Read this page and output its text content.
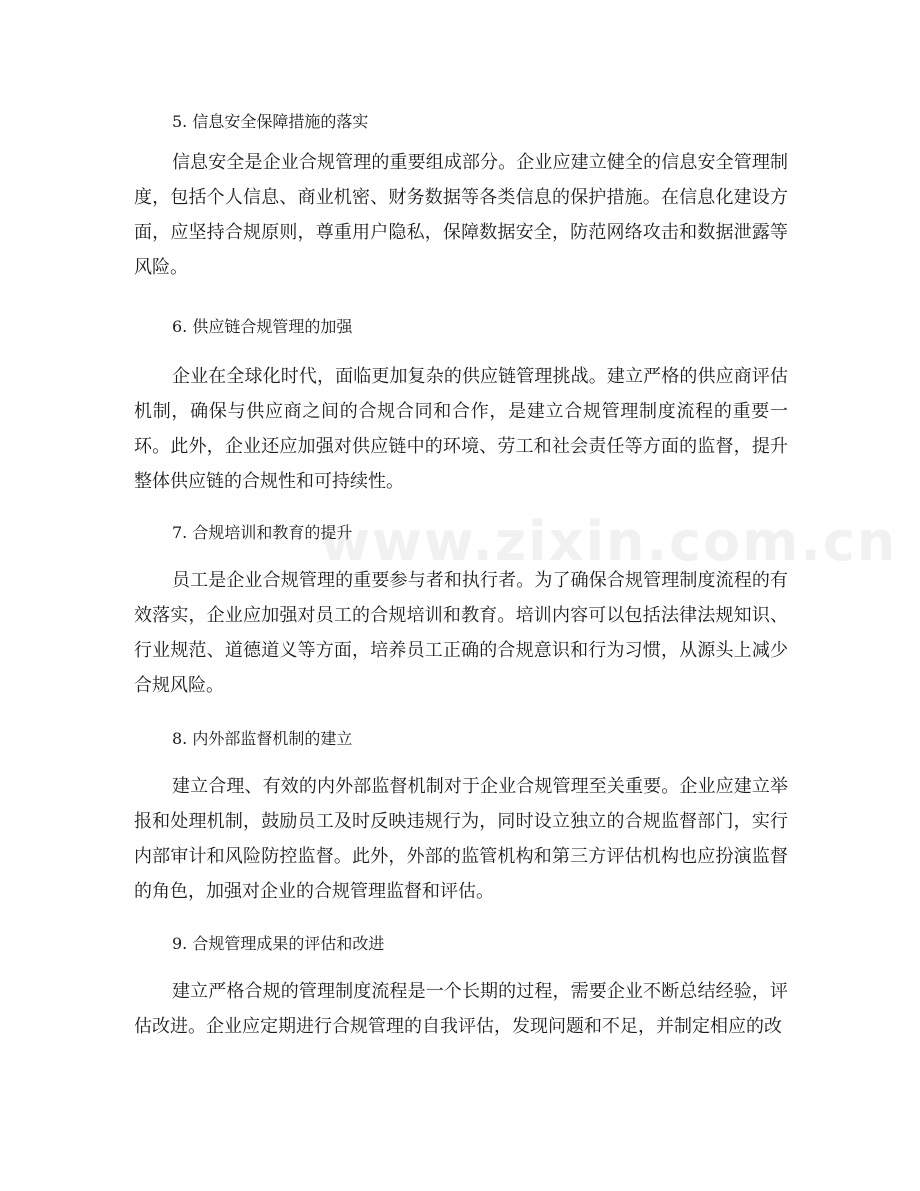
www.zixin.com.cn
5. 信息安全保障措施的落实

信息安全是企业合规管理的重要组成部分。企业应建立健全的信息安全管理制度，包括个人信息、商业机密、财务数据等各类信息的保护措施。在信息化建设方面，应坚持合规原则，尊重用户隐私，保障数据安全，防范网络攻击和数据泄露等风险。

6. 供应链合规管理的加强

企业在全球化时代，面临更加复杂的供应链管理挑战。建立严格的供应商评估机制，确保与供应商之间的合规合同和合作，是建立合规管理制度流程的重要一环。此外，企业还应加强对供应链中的环境、劳工和社会责任等方面的监督，提升整体供应链的合规性和可持续性。

7. 合规培训和教育的提升

员工是企业合规管理的重要参与者和执行者。为了确保合规管理制度流程的有效落实，企业应加强对员工的合规培训和教育。培训内容可以包括法律法规知识、行业规范、道德道义等方面，培养员工正确的合规意识和行为习惯，从源头上减少合规风险。

8. 内外部监督机制的建立

建立合理、有效的内外部监督机制对于企业合规管理至关重要。企业应建立举报和处理机制，鼓励员工及时反映违规行为，同时设立独立的合规监督部门，实行内部审计和风险防控监督。此外，外部的监管机构和第三方评估机构也应扮演监督的角色，加强对企业的合规管理监督和评估。

9. 合规管理成果的评估和改进

建立严格合规的管理制度流程是一个长期的过程，需要企业不断总结经验，评估改进。企业应定期进行合规管理的自我评估，发现问题和不足，并制定相应的改
